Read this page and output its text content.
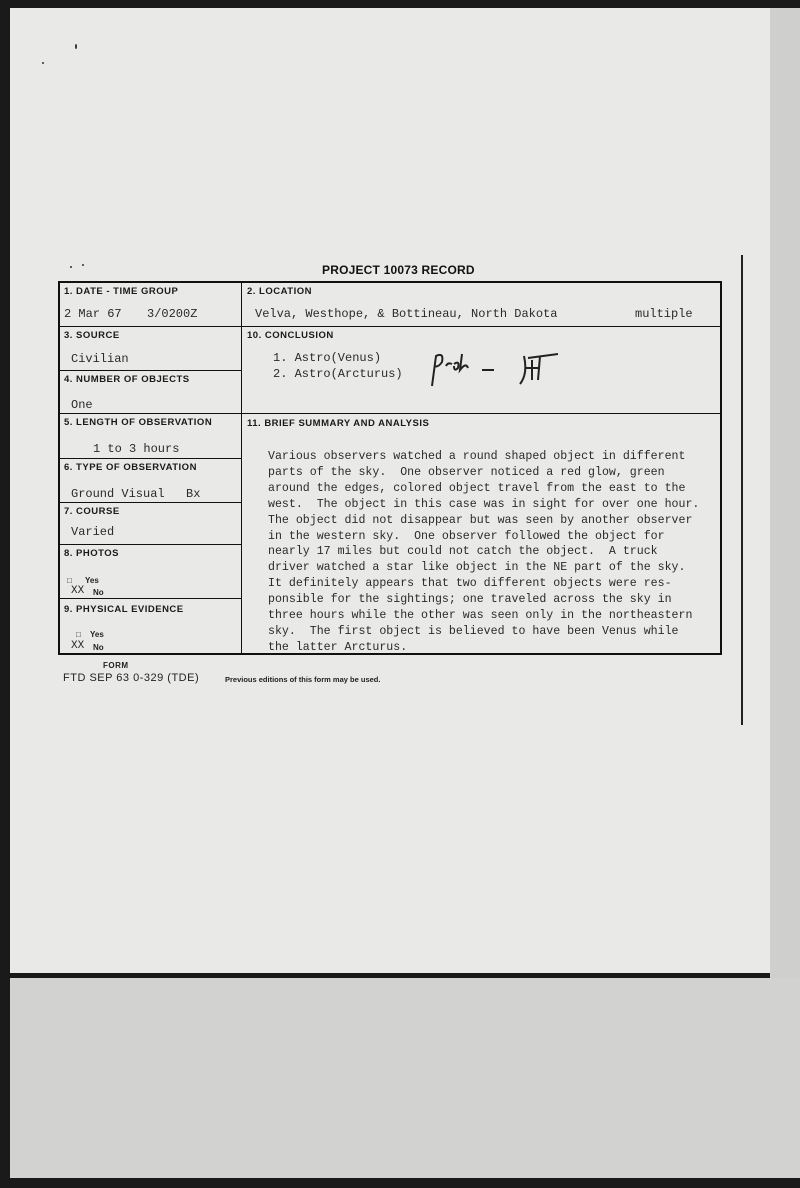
PROJECT 10073 RECORD
1. DATE - TIME GROUP
2 Mar 67 3/0200Z
2. LOCATION
Velva, Westhope, & Bottineau, North Dakota	multiple
3. SOURCE
Civilian
4. NUMBER OF OBJECTS
One
10. CONCLUSION
1. Astro(Venus)
2. Astro(Arcturus)
5. LENGTH OF OBSERVATION
1 to 3 hours
6. TYPE OF OBSERVATION
Ground Visual Bx
7. COURSE
Varied
8. PHOTOS
□ Yes
XX No
9. PHYSICAL EVIDENCE
□ Yes
XX No
11. BRIEF SUMMARY AND ANALYSIS
Various observers watched a round shaped object in different
parts of the sky.  One observer noticed a red glow, green
around the edges, colored object travel from the east to the
west.  The object in this case was in sight for over one hour.
The object did not disappear but was seen by another observer
in the western sky.  One observer followed the object for
nearly 17 miles but could not catch the object.  A truck
driver watched a star like object in the NE part of the sky.
It definitely appears that two different objects were res-
ponsible for the sightings; one traveled across the sky in
three hours while the other was seen only in the northeastern
sky.  The first object is believed to have been Venus while
the latter Arcturus.
FORM
FTD SEP 63 0-329 (TDE)	Previous editions of this form may be used.
